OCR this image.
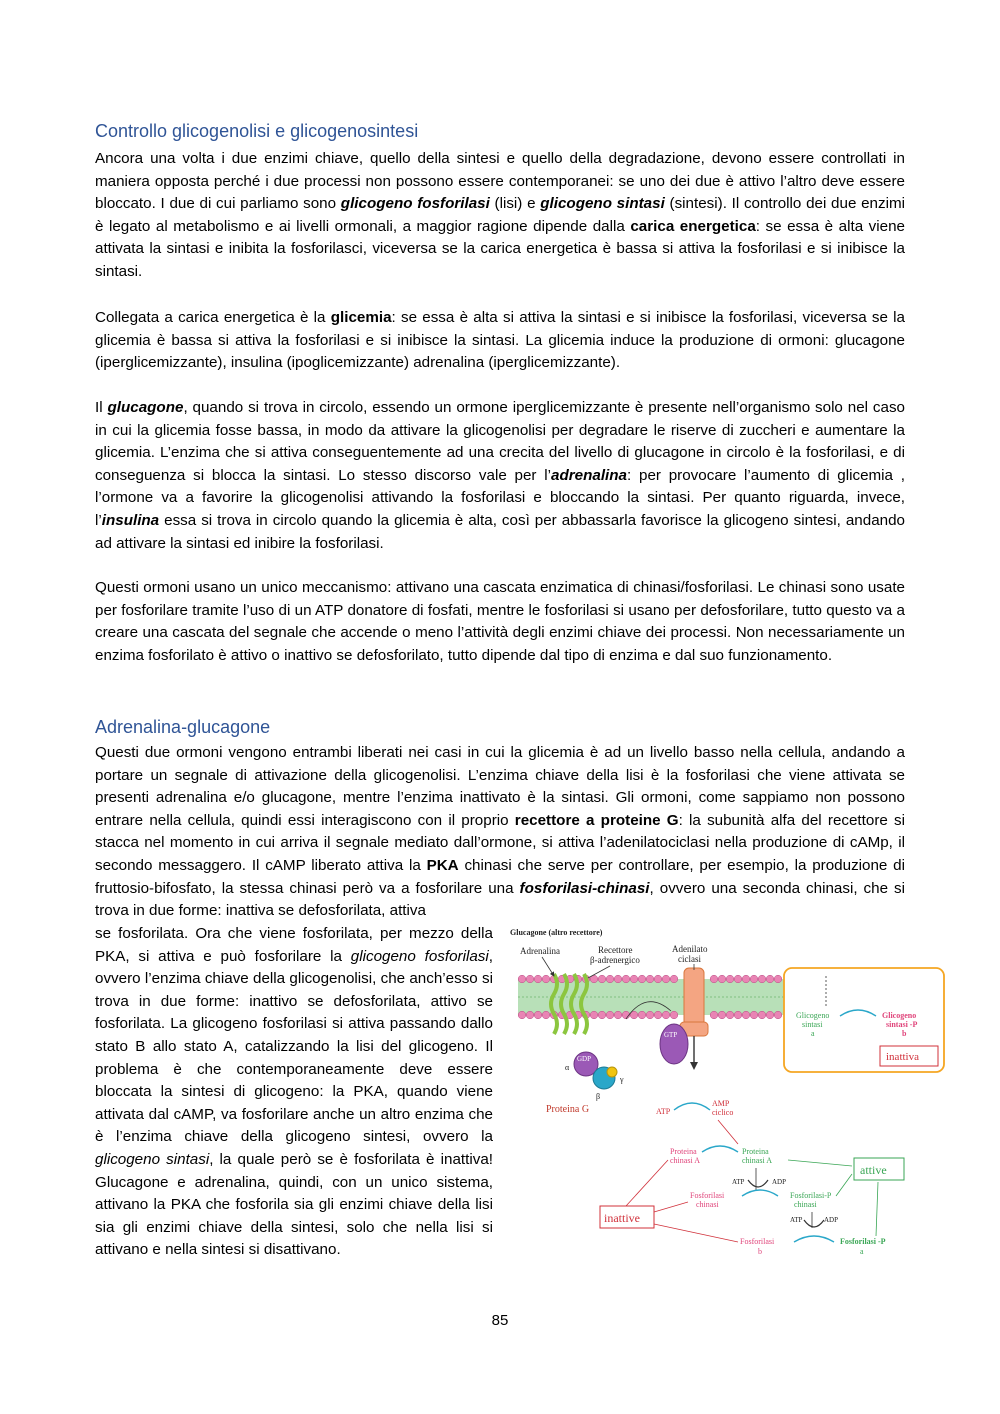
Controllo glicogenolisi e glicogenosintesi

Ancora una volta i due enzimi chiave, quello della sintesi e quello della degradazione, devono essere controllati in maniera opposta perché i due processi non possono essere contemporanei: se uno dei due è attivo l’altro deve essere bloccato. I due di cui parliamo sono glicogeno fosforilasi (lisi) e glicogeno sintasi (sintesi). Il controllo dei due enzimi è legato al metabolismo e ai livelli ormonali, a maggior ragione dipende dalla carica energetica: se essa è alta viene attivata la sintasi e inibita la fosforilasci, viceversa se la carica energetica è bassa si attiva la fosforilasi e si inibisce la sintasi.

Collegata a carica energetica è la glicemia: se essa è alta si attiva la sintasi e si inibisce la fosforilasi, viceversa se la glicemia è bassa si attiva la fosforilasi e si inibisce la sintasi. La glicemia induce la produzione di ormoni: glucagone (iperglicemizzante), insulina (ipoglicemizzante) adrenalina (iperglicemizzante).

Il glucagone, quando si trova in circolo, essendo un ormone iperglicemizzante è presente nell’organismo solo nel caso in cui la glicemia fosse bassa, in modo da attivare la glicogenolisi per degradare le riserve di zuccheri e aumentare la glicemia. L’enzima che si attiva conseguentemente ad una crecita del livello di glucagone in circolo è la fosforilasi, e di conseguenza si blocca la sintasi. Lo stesso discorso vale per l’adrenalina: per provocare l’aumento di glicemia , l’ormone va a favorire la glicogenolisi attivando la fosforilasi e bloccando la sintasi. Per quanto riguarda, invece, l’insulina essa si trova in circolo quando la glicemia è alta, così per abbassarla favorisce la glicogeno sintesi, andando ad attivare la sintasi ed inibire la fosforilasi.

Questi ormoni usano un unico meccanismo: attivano una cascata enzimatica di chinasi/fosforilasi. Le chinasi sono usate per fosforilare tramite l’uso di un ATP donatore di fosfati, mentre le fosforilasi si usano per defosforilare, tutto questo va a creare una cascata del segnale che accende o meno l’attività degli enzimi chiave dei processi. Non necessariamente un enzima fosforilato è attivo o inattivo se defosforilato, tutto dipende dal tipo di enzima e dal suo funzionamento.

Adrenalina-glucagone

Questi due ormoni vengono entrambi liberati nei casi in cui la glicemia è ad un livello basso nella cellula, andando a portare un segnale di attivazione della glicogenolisi. L’enzima chiave della lisi è la fosforilasi che viene attivata se presenti adrenalina e/o glucagone, mentre l’enzima inattivato è la sintasi. Gli ormoni, come sappiamo non possono entrare nella cellula, quindi essi interagiscono con il proprio recettore a proteine G: la subunità alfa del recettore si stacca nel momento in cui arriva il segnale mediato dall’ormone, si attiva l’adenilatociclasi nella produzione di cAMp, il secondo messaggero. Il cAMP liberato attiva la PKA chinasi che serve per controllare, per esempio, la produzione di fruttosio-bifosfato, la stessa chinasi però va a fosforilare una fosforilasi-chinasi, ovvero una seconda chinasi, che si trova in due forme: inattiva se defosforilata, attiva

se fosforilata. Ora che viene fosforilata, per mezzo della PKA, si attiva e può fosforilare la glicogeno fosforilasi, ovvero l’enzima chiave della glicogenolisi, che anch’esso si trova in due forme: inattivo se defosforilata, attivo se fosforilata. La glicogeno fosforilasi si attiva passando dallo stato B allo stato A, catalizzando la lisi del glicogeno. Il problema è che contemporaneamente deve essere bloccata la sintesi di glicogeno: la PKA, quando viene attivata dal cAMP, va fosforilare anche un altro enzima che è l’enzima chiave della glicogeno sintesi, ovvero la glicogeno sintasi, la quale però se è fosforilata è inattiva! Glucagone e adrenalina, quindi, con un unico sistema, attivano la PKA che fosforila sia gli enzimi chiave della lisi sia gli enzimi chiave della sintesi, solo che nella lisi si attivano e nella sintesi si disattivano.

Glucagone (altro recettore)
Adrenalina	Recettore
β-adrenergico
Adenilato
ciclasi
GTP
GDP
α
β
γ
Proteina G	ATP
AMP
ciclico
Proteina
chinasi A
Proteina
chinasi A
ATP	ADP
Fosforilasi
chinasi
Fosforilasi-P
chinasi
ATP	ADP
Fosforilasi
b
Fosforilasi -P
a
Glicogeno
sintasi
a
Glicogeno
sintasi -P
b
inattiva
attive
inattive
85
